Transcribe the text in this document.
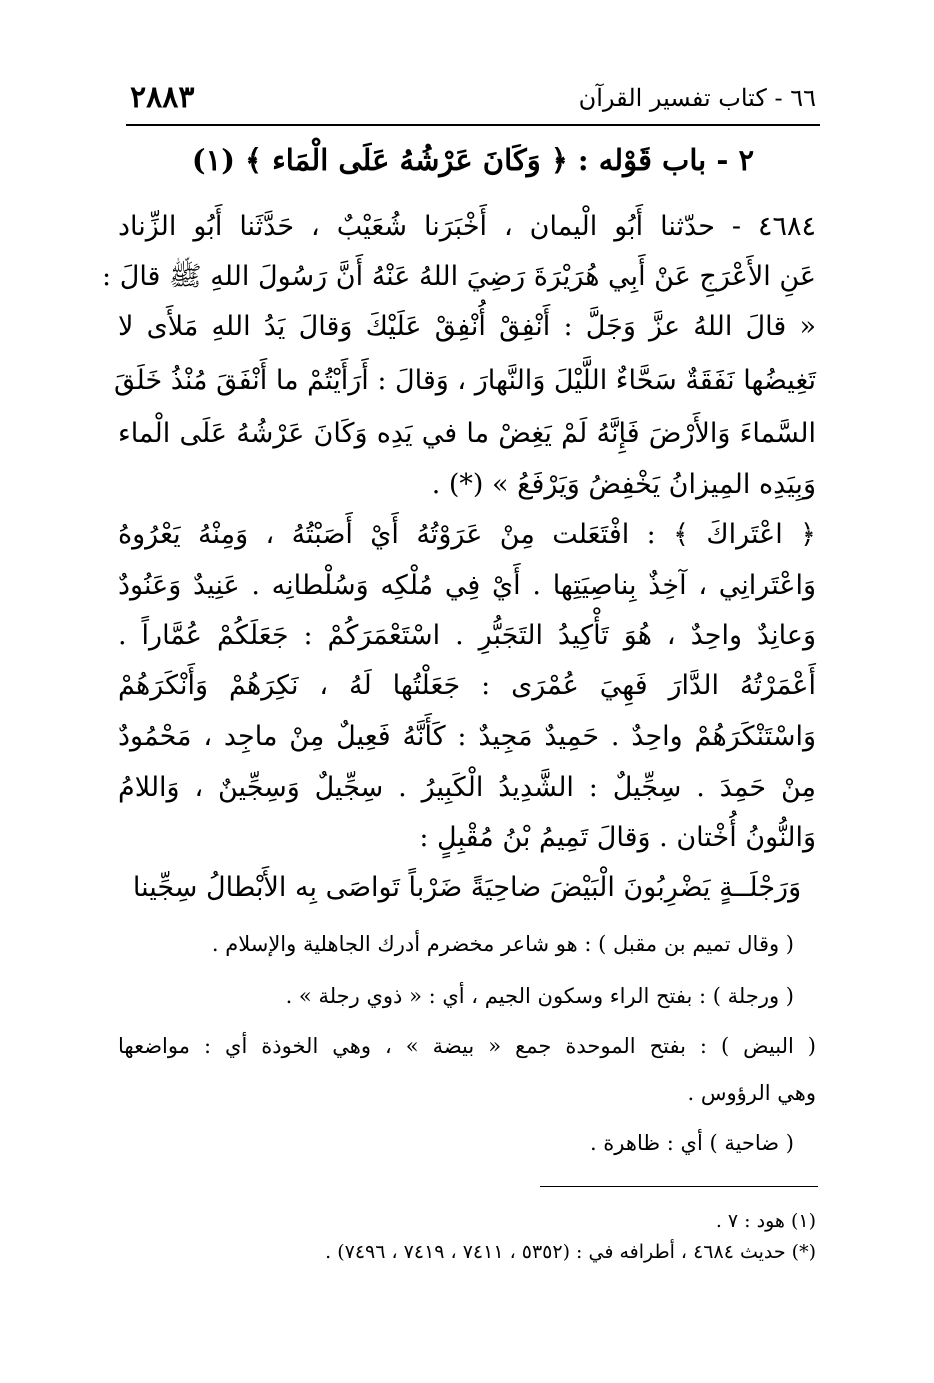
٢٨٨٣	٦٦ - كتاب تفسير القرآن
٢ - باب قَوْله : ﴿ وَكَانَ عَرْشُهُ عَلَى الْمَاء ﴾ (١)
٤٦٨٤ - حدّثنا أَبُو الْيمان ، أَخْبَرَنا شُعَيْبٌ ، حَدَّثَنا أَبُو الزِّناد
عَنِ الأَعْرَجِ عَنْ أَبِي هُرَيْرَةَ رَضِيَ اللهُ عَنْهُ أَنَّ رَسُولَ اللهِ ﷺ قالَ :
« قالَ اللهُ عزَّ وَجَلَّ : أَنْفِقْ أُنْفِقْ عَلَيْكَ وَقالَ يَدُ اللهِ مَلأَى لا
تَغِيضُها نَفَقَةٌ سَحَّاءٌ اللَّيْلَ وَالنَّهارَ ، وَقالَ : أَرَأَيْتُمْ ما أَنْفَقَ مُنْذُ خَلَقَ
السَّماءَ وَالأَرْضَ فَإِنَّهُ لَمْ يَغِضْ ما في يَدِه وَكَانَ عَرْشُهُ عَلَى الْماء
وَبِيَدِه المِيزانُ يَخْفِضُ وَيَرْفَعُ » (*) .
﴿ اعْتَراكَ ﴾ : افْتَعَلت مِنْ عَرَوْتُهُ أَيْ أَصَبْتُهُ ، وَمِنْهُ يَعْرُوهُ
وَاعْتَرانِي ، آخِذٌ بِناصِيَتِها . أَيْ فِي مُلْكِه وَسُلْطانِه . عَنِيدٌ وَعَنُودٌ
وَعانِدٌ واحِدٌ ، هُوَ تَأْكِيدُ التَجَبُّرِ . اسْتَعْمَرَكُمْ : جَعَلَكُمْ عُمَّاراً .
أَعْمَرْتُهُ الدَّارَ فَهِيَ عُمْرَى : جَعَلْتُها لَهُ ، نَكِرَهُمْ وَأَنْكَرَهُمْ
وَاسْتَنْكَرَهُمْ واحِدٌ . حَمِيدٌ مَجِيدٌ : كَأَنَّهُ فَعِيلٌ مِنْ ماجِد ، مَحْمُودٌ
مِنْ حَمِدَ . سِجِّيلٌ : الشَّدِيدُ الْكَبِيرُ . سِجِّيلٌ وَسِجِّينٌ ، وَاللامُ
وَالنُّونُ أُخْتان . وَقالَ تَمِيمُ بْنُ مُقْبِلٍ :
وَرَجْلَــةٍ يَضْرِبُونَ الْبَيْضَ ضاحِيَةً ضَرْباً تَواصَى بِه الأَبْطالُ سِجِّينا
( وقال تميم بن مقبل ) : هو شاعر مخضرم أدرك الجاهلية والإسلام .
( ورجلة ) : بفتح الراء وسكون الجيم ، أي : « ذوي رجلة » .
( البيض ) : بفتح الموحدة جمع « بيضة » ، وهي الخوذة أي : مواضعها
وهي الرؤوس .
( ضاحية ) أي : ظاهرة .
(١) هود : ٧ .
(*) حديث ٤٦٨٤ ، أطرافه في : (٥٣٥٢ ، ٧٤١١ ، ٧٤١٩ ، ٧٤٩٦) .
